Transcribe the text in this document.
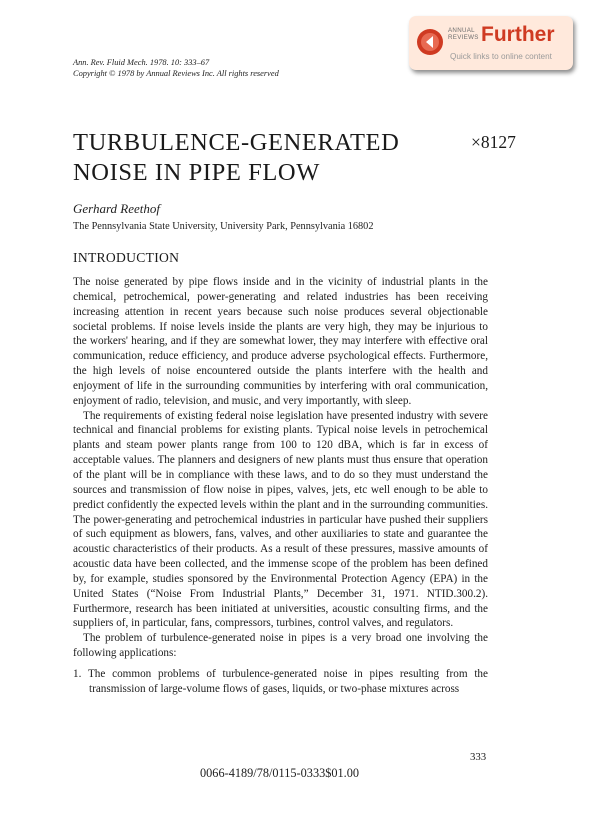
Ann. Rev. Fluid Mech. 1978. 10: 333–67
Copyright © 1978 by Annual Reviews Inc. All rights reserved
ANNUAL
REVIEWS Further
Quick links to online content
TURBULENCE-GENERATED
NOISE IN PIPE FLOW
×8127
Gerhard Reethof
The Pennsylvania State University, University Park, Pennsylvania 16802
INTRODUCTION

The noise generated by pipe flows inside and in the vicinity of industrial plants in the chemical, petrochemical, power-generating and related industries has been receiving increasing attention in recent years because such noise produces several objectionable societal problems. If noise levels inside the plants are very high, they may be injurious to the workers' hearing, and if they are somewhat lower, they may interfere with effective oral communication, reduce efficiency, and produce adverse psychological effects. Furthermore, the high levels of noise encountered outside the plants interfere with the health and enjoyment of life in the surrounding communities by interfering with oral communication, enjoyment of radio, television, and music, and very importantly, with sleep.

The requirements of existing federal noise legislation have presented industry with severe technical and financial problems for existing plants. Typical noise levels in petrochemical plants and steam power plants range from 100 to 120 dBA, which is far in excess of acceptable values. The planners and designers of new plants must thus ensure that operation of the plant will be in compliance with these laws, and to do so they must understand the sources and transmission of flow noise in pipes, valves, jets, etc well enough to be able to predict confidently the expected levels within the plant and in the surrounding communities. The power-generating and petrochemical industries in particular have pushed their suppliers of such equipment as blowers, fans, valves, and other auxiliaries to state and guarantee the acoustic characteristics of their products. As a result of these pressures, massive amounts of acoustic data have been collected, and the immense scope of the problem has been defined by, for example, studies sponsored by the Environmental Protection Agency (EPA) in the United States (“Noise From Industrial Plants,” December 31, 1971. NTID.300.2). Furthermore, research has been initiated at universities, acoustic consulting firms, and the suppliers of, in particular, fans, compressors, turbines, control valves, and regulators.

The problem of turbulence-generated noise in pipes is a very broad one involving the following applications:

1. The common problems of turbulence-generated noise in pipes resulting from the transmission of large-volume flows of gases, liquids, or two-phase mixtures across
333
0066-4189/78/0115-0333$01.00
